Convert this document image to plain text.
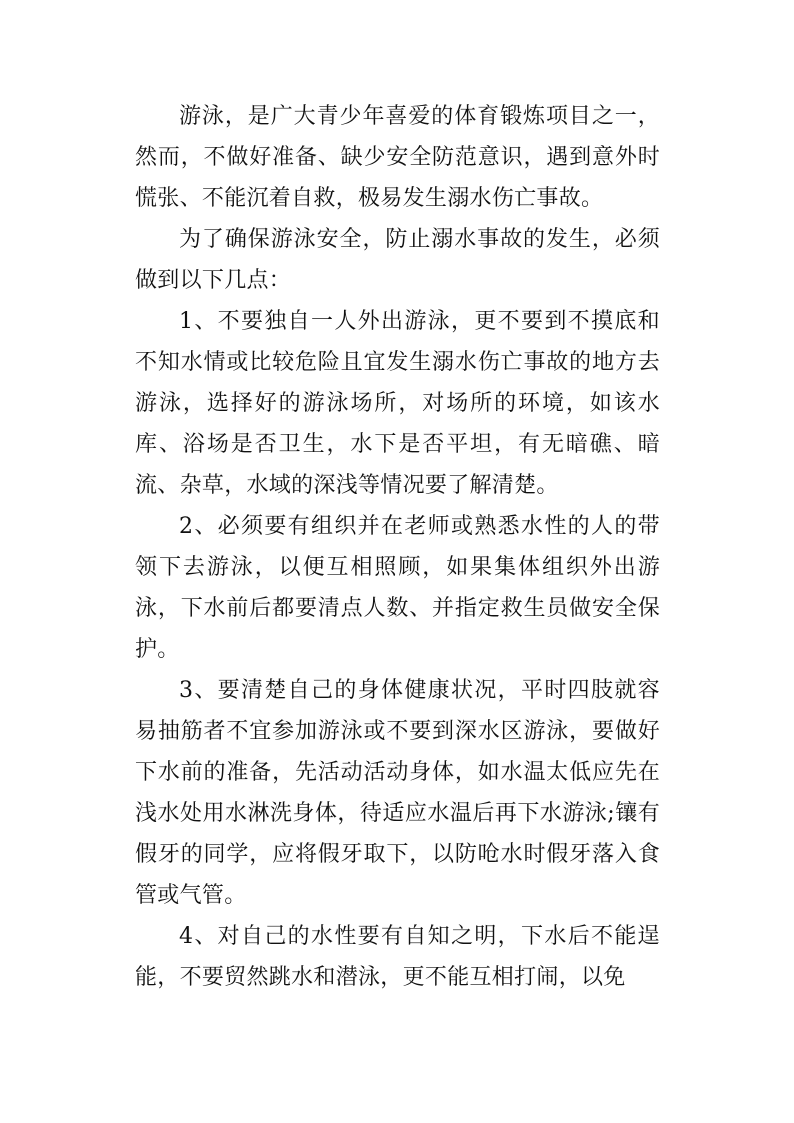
游泳，是广大青少年喜爱的体育锻炼项目之一，然而，不做好准备、缺少安全防范意识，遇到意外时慌张、不能沉着自救，极易发生溺水伤亡事故。

为了确保游泳安全，防止溺水事故的发生，必须做到以下几点：

1、不要独自一人外出游泳，更不要到不摸底和不知水情或比较危险且宜发生溺水伤亡事故的地方去游泳，选择好的游泳场所，对场所的环境，如该水库、浴场是否卫生，水下是否平坦，有无暗礁、暗流、杂草，水域的深浅等情况要了解清楚。

2、必须要有组织并在老师或熟悉水性的人的带领下去游泳，以便互相照顾，如果集体组织外出游泳，下水前后都要清点人数、并指定救生员做安全保护。

3、要清楚自己的身体健康状况，平时四肢就容易抽筋者不宜参加游泳或不要到深水区游泳，要做好下水前的准备，先活动活动身体，如水温太低应先在浅水处用水淋洗身体，待适应水温后再下水游泳;镶有假牙的同学，应将假牙取下，以防呛水时假牙落入食管或气管。

4、对自己的水性要有自知之明，下水后不能逞能，不要贸然跳水和潜泳，更不能互相打闹，以免
